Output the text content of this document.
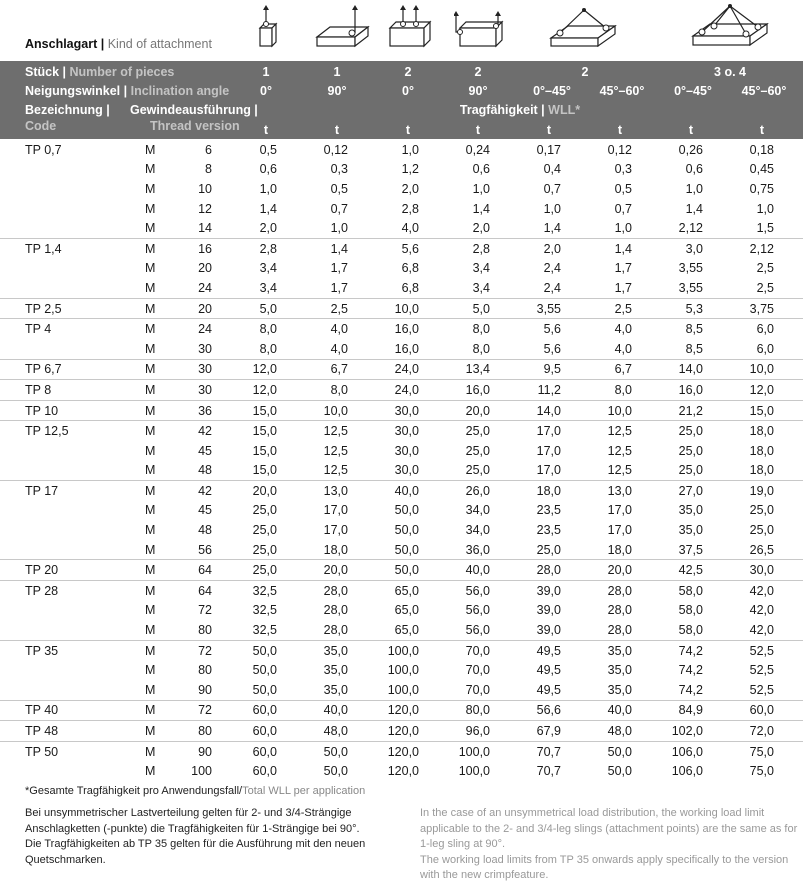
Anschlagart | Kind of attachment
Stück | Number of pieces	1	1	2	2	2	3 o. 4
Neigungswinkel | Inclination angle	0°	90°	0°	90°	0°–45°	45°–60°	0°–45°	45°–60°
Bezeichnung |
Code
Gewindeausführung |
Thread version
Tragfähigkeit | WLL*
t	t	t	t	t	t	t	t
TP 0,7	M	6	0,5	0,12	1,0	0,24	0,17	0,12	0,26	0,18	
	M	8	0,6	0,3	1,2	0,6	0,4	0,3	0,6	0,45	
	M	10	1,0	0,5	2,0	1,0	0,7	0,5	1,0	0,75	
	M	12	1,4	0,7	2,8	1,4	1,0	0,7	1,4	1,0	
	M	14	2,0	1,0	4,0	2,0	1,4	1,0	2,12	1,5	
TP 1,4	M	16	2,8	1,4	5,6	2,8	2,0	1,4	3,0	2,12	
	M	20	3,4	1,7	6,8	3,4	2,4	1,7	3,55	2,5	
	M	24	3,4	1,7	6,8	3,4	2,4	1,7	3,55	2,5	
TP 2,5	M	20	5,0	2,5	10,0	5,0	3,55	2,5	5,3	3,75	
TP 4	M	24	8,0	4,0	16,0	8,0	5,6	4,0	8,5	6,0	
	M	30	8,0	4,0	16,0	8,0	5,6	4,0	8,5	6,0	
TP 6,7	M	30	12,0	6,7	24,0	13,4	9,5	6,7	14,0	10,0	
TP 8	M	30	12,0	8,0	24,0	16,0	11,2	8,0	16,0	12,0	
TP 10	M	36	15,0	10,0	30,0	20,0	14,0	10,0	21,2	15,0	
TP 12,5	M	42	15,0	12,5	30,0	25,0	17,0	12,5	25,0	18,0	
	M	45	15,0	12,5	30,0	25,0	17,0	12,5	25,0	18,0	
	M	48	15,0	12,5	30,0	25,0	17,0	12,5	25,0	18,0	
TP 17	M	42	20,0	13,0	40,0	26,0	18,0	13,0	27,0	19,0	
	M	45	25,0	17,0	50,0	34,0	23,5	17,0	35,0	25,0	
	M	48	25,0	17,0	50,0	34,0	23,5	17,0	35,0	25,0	
	M	56	25,0	18,0	50,0	36,0	25,0	18,0	37,5	26,5	
TP 20	M	64	25,0	20,0	50,0	40,0	28,0	20,0	42,5	30,0	
TP 28	M	64	32,5	28,0	65,0	56,0	39,0	28,0	58,0	42,0	
	M	72	32,5	28,0	65,0	56,0	39,0	28,0	58,0	42,0	
	M	80	32,5	28,0	65,0	56,0	39,0	28,0	58,0	42,0	
TP 35	M	72	50,0	35,0	100,0	70,0	49,5	35,0	74,2	52,5	
	M	80	50,0	35,0	100,0	70,0	49,5	35,0	74,2	52,5	
	M	90	50,0	35,0	100,0	70,0	49,5	35,0	74,2	52,5	
TP 40	M	72	60,0	40,0	120,0	80,0	56,6	40,0	84,9	60,0	
TP 48	M	80	60,0	48,0	120,0	96,0	67,9	48,0	102,0	72,0	
TP 50	M	90	60,0	50,0	120,0	100,0	70,7	50,0	106,0	75,0	
	M	100	60,0	50,0	120,0	100,0	70,7	50,0	106,0	75,0	
*Gesamte Tragfähigkeit pro Anwendungsfall/Total WLL per application
Bei unsymmetrischer Lastverteilung gelten für 2- und 3/4-Strängige Anschlagketten (-punkte) die Tragfähigkeiten für 1-Strängige bei 90°.
Die Tragfähigkeiten ab TP 35 gelten für die Ausführung mit den neuen Quetschmarken.
In the case of an unsymmetrical load distribution, the working load limit applicable to the 2- and 3/4-leg slings (attachment points) are the same as for 1-leg sling at 90°.
The working load limits from TP 35 onwards apply specifically to the version with the new crimpfeature.
